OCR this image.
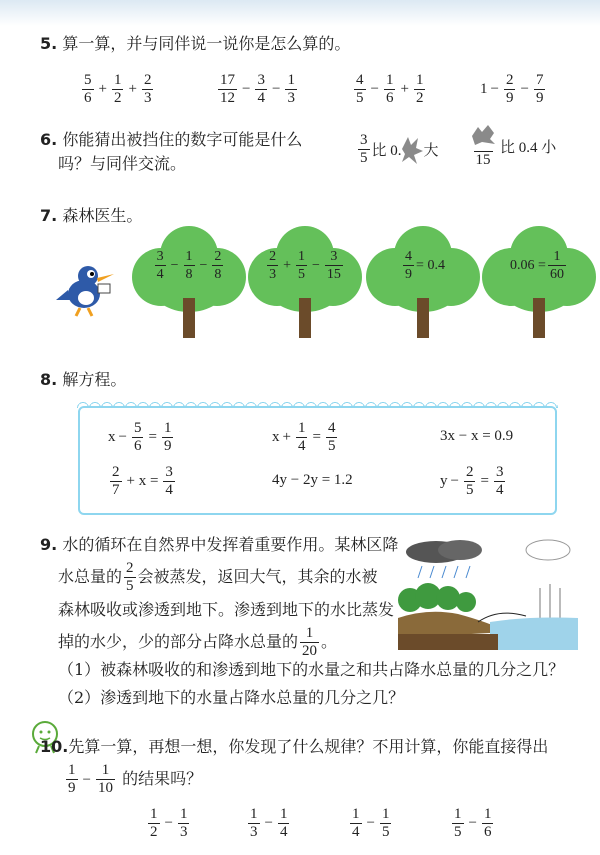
5. 算一算，并与同伴说一说你是怎么算的。
$\frac{5}{6} + \frac{1}{2} + \frac{2}{3}$	$\frac{17}{12} - \frac{3}{4} - \frac{1}{3}$	$\frac{4}{5} - \frac{1}{6} + \frac{1}{2}$	$1 - \frac{2}{9} - \frac{7}{9}$
6. 你能猜出被挡住的数字可能是什么
吗？与同伴交流。	$\frac{3}{5}$ 比 0. 大
15
比 0.4 小
7. 森林医生。
$\frac{3}{4} - \frac{1}{8} - \frac{2}{8}$	$\frac{2}{3} + \frac{1}{5} - \frac{3}{15}$	$\frac{4}{9} = 0.4$	$0.06 = \frac{1}{60}$
8. 解方程。
$x - \frac{5}{6} = \frac{1}{9}$	$x + \frac{1}{4} = \frac{4}{5}$	3x − x = 0.9
$\frac{2}{7} + x = \frac{3}{4}$	4y − 2y = 1.2	$y - \frac{2}{5} = \frac{3}{4}$
9. 水的循环在自然界中发挥着重要作用。某林区降
水总量的 $\frac{2}{5}$ 会被蒸发，返回大气，其余的水被
森林吸收或渗透到地下。渗透到地下的水比蒸发
掉的水少，少的部分占降水总量的 $\frac{1}{20}$ 。
（1）被森林吸收的和渗透到地下的水量之和共占降水总量的几分之几？
（2）渗透到地下的水量占降水总量的几分之几？
10.先算一算，再想一想，你发现了什么规律？不用计算，你能直接得出
$\frac{1}{9} - \frac{1}{10}$ 的结果吗？
$\frac{1}{2} - \frac{1}{3}$	$\frac{1}{3} - \frac{1}{4}$	$\frac{1}{4} - \frac{1}{5}$	$\frac{1}{5} - \frac{1}{6}$
